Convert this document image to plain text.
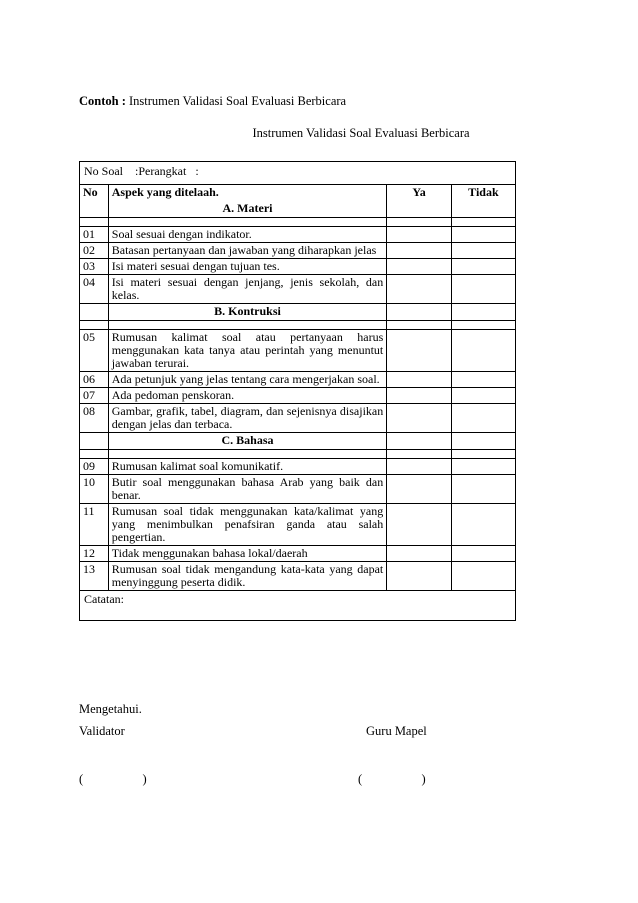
Contoh : Instrumen Validasi Soal Evaluasi Berbicara
Instrumen Validasi Soal Evaluasi Berbicara
No Soal    :Perangkat   :			
No	Aspek yang ditelaah.	Ya	Tidak
	A. Materi		

01	Soal sesuai dengan indikator.		
02	Batasan pertanyaan dan jawaban yang diharapkan jelas		
03	Isi materi sesuai dengan tujuan tes.		
04	Isi materi sesuai dengan jenjang, jenis sekolah, dan kelas.		
	B. Kontruksi		

05	Rumusan kalimat soal atau pertanyaan harus menggunakan kata tanya atau perintah yang menuntut jawaban terurai.		
06	Ada petunjuk yang jelas tentang cara mengerjakan soal.		
07	Ada pedoman penskoran.		
08	Gambar, grafik, tabel, diagram, dan sejenisnya disajikan dengan jelas dan terbaca.		
	C. Bahasa		

09	Rumusan kalimat soal komunikatif.		
10	Butir soal menggunakan bahasa Arab yang baik dan benar.		
11	Rumusan soal tidak menggunakan kata/kalimat yang yang menimbulkan penafsiran ganda atau salah pengertian.		
12	Tidak menggunakan bahasa lokal/daerah		
13	Rumusan soal tidak mengandung kata-kata yang dapat menyinggung peserta didik.		
Catatan:			
Mengetahui.
Validator	Guru Mapel
(                   )	(                   )
